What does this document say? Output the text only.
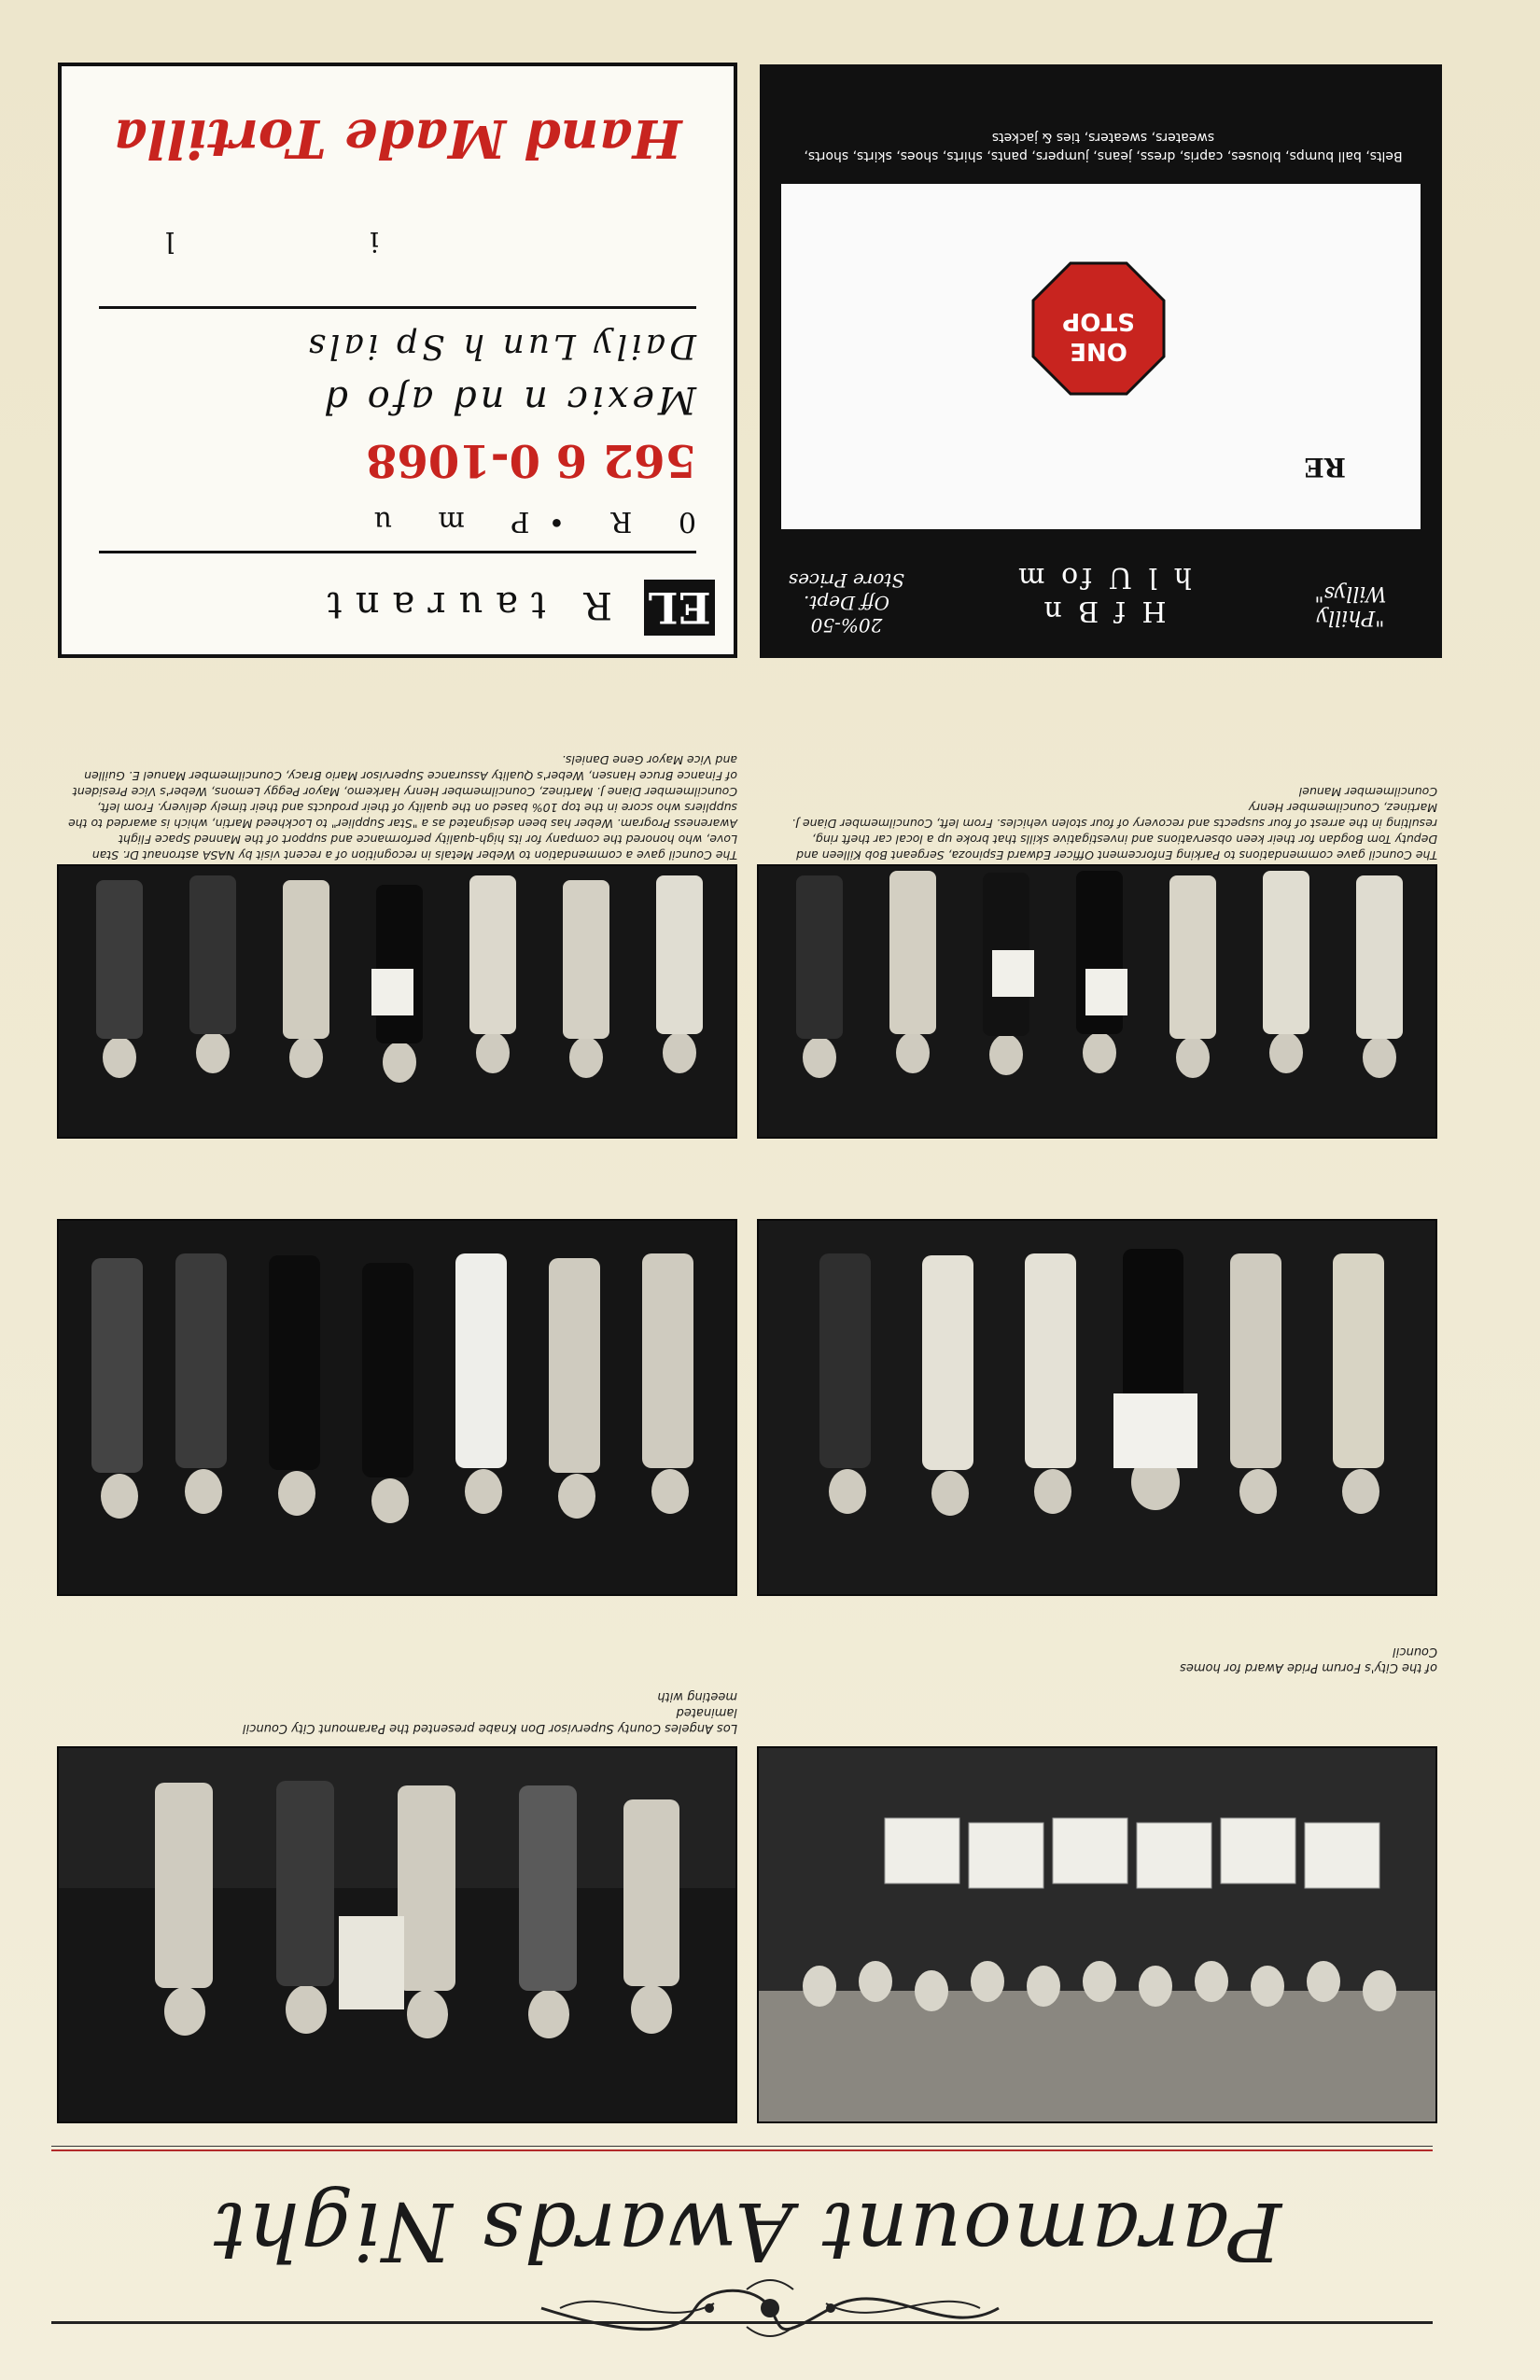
Paramount Awards Night
of the City's Forum Pride Award for homes
Council
Los Angeles County Supervisor Don Knabe presented the Paramount City Council
laminated
meeting with
The Council gave a commendation to Weber Metals in recognition of a recent visit by NASA astronaut Dr. Stan Love, who honored the company for its high-quality performance and support of the Manned Space Flight Awareness Program. Weber has been designated as a "Star Supplier" to Lockheed Martin, which is awarded to the suppliers who score in the top 10% based on the quality of their products and their timely delivery. From left, Councilmember Diane J. Martinez, Councilmember Henry Harkemo, Mayor Peggy Lemons, Weber's Vice President of Finance Bruce Hansen, Weber's Quality Assurance Supervisor Mario Bracy, Councilmember Manuel E. Guillen and Vice Mayor Gene Daniels.
The Council gave commendations to Parking Enforcement Officer Edward Espinoza, Sergeant Bob Killeen and Deputy Tom Bogdan for their keen observations and investigative skills that broke up a local car theft ring, resulting in the arrest of four suspects and recovery of four stolen vehicles. From left, Councilmember Diane J. Martinez, Councilmember Henry
Councilmember Manuel
"Philly
Willys"
H f B n
h l U fo m
20%-50
Off Dept.
Store Prices
RE
ONE
STOP
Belts, ball bumps, blouses, capris, dress, jeans, jumpers, pants, shirts, shoes, skirts, shorts, sweaters, sweaters, ties & jackets
EL
R taurant
0 R •P m u
562 6 0-1068
Mexic n nd afo d
Daily Lun h Sp ials
i l
Hand Made Tortilla
